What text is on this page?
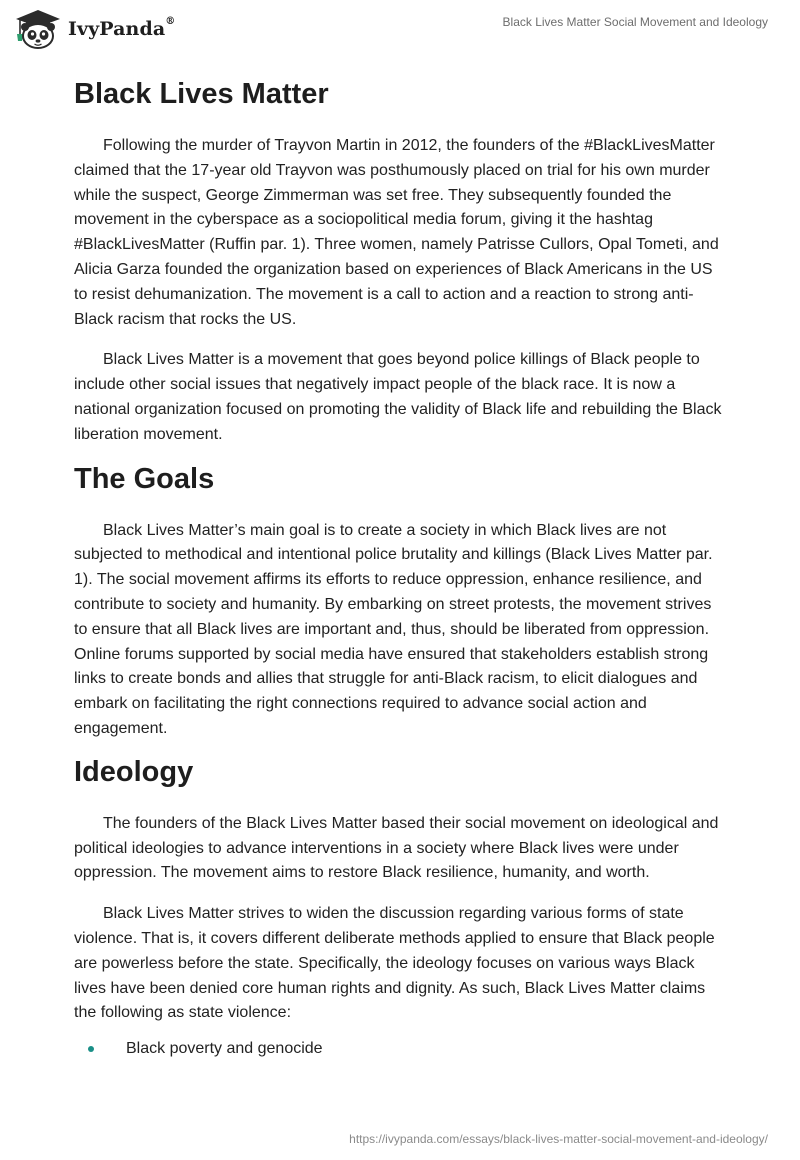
IvyPanda®	Black Lives Matter Social Movement and Ideology
Black Lives Matter

Following the murder of Trayvon Martin in 2012, the founders of the #BlackLivesMatter claimed that the 17-year old Trayvon was posthumously placed on trial for his own murder while the suspect, George Zimmerman was set free. They subsequently founded the movement in the cyberspace as a sociopolitical media forum, giving it the hashtag #BlackLivesMatter (Ruffin par. 1). Three women, namely Patrisse Cullors, Opal Tometi, and Alicia Garza founded the organization based on experiences of Black Americans in the US to resist dehumanization. The movement is a call to action and a reaction to strong anti-Black racism that rocks the US.

Black Lives Matter is a movement that goes beyond police killings of Black people to include other social issues that negatively impact people of the black race. It is now a national organization focused on promoting the validity of Black life and rebuilding the Black liberation movement.

The Goals

Black Lives Matter’s main goal is to create a society in which Black lives are not subjected to methodical and intentional police brutality and killings (Black Lives Matter par. 1). The social movement affirms its efforts to reduce oppression, enhance resilience, and contribute to society and humanity. By embarking on street protests, the movement strives to ensure that all Black lives are important and, thus, should be liberated from oppression. Online forums supported by social media have ensured that stakeholders establish strong links to create bonds and allies that struggle for anti-Black racism, to elicit dialogues and embark on facilitating the right connections required to advance social action and engagement.

Ideology

The founders of the Black Lives Matter based their social movement on ideological and political ideologies to advance interventions in a society where Black lives were under oppression. The movement aims to restore Black resilience, humanity, and worth.

Black Lives Matter strives to widen the discussion regarding various forms of state violence. That is, it covers different deliberate methods applied to ensure that Black people are powerless before the state. Specifically, the ideology focuses on various ways Black lives have been denied core human rights and dignity. As such, Black Lives Matter claims the following as state violence:

Black poverty and genocide
https://ivypanda.com/essays/black-lives-matter-social-movement-and-ideology/
